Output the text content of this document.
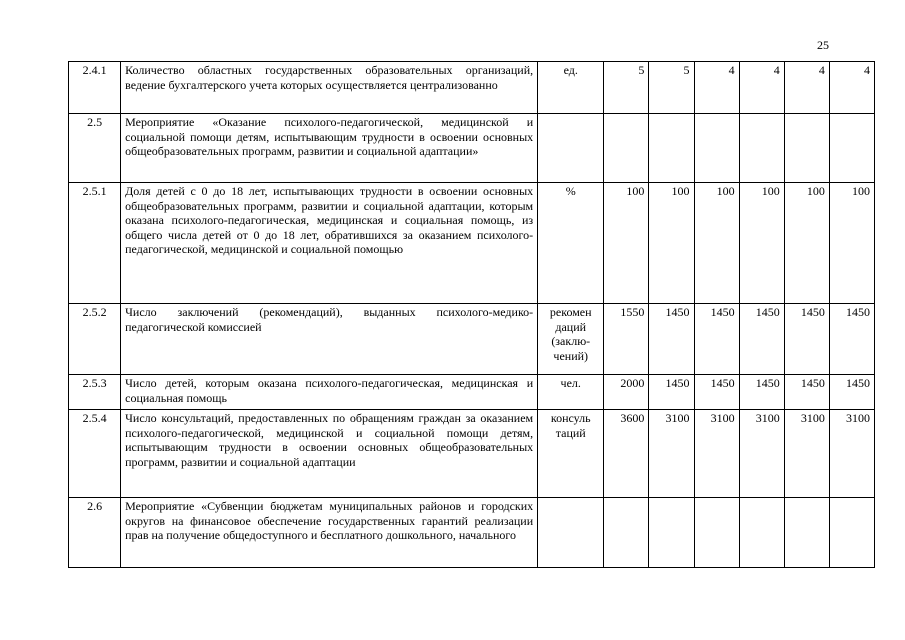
25
2.4.1	Количество областных государственных образовательных организаций, ведение бухгалтерского учета которых осуществляется централизованно	ед.	5	5	4	4	4	4
2.5	Мероприятие «Оказание психолого-педагогической, медицинской и социальной помощи детям, испытывающим трудности в освоении основных общеобразовательных программ, развитии и социальной адаптации»							
2.5.1	Доля детей с 0 до 18 лет, испытывающих трудности в освоении основных общеобразовательных программ, развитии и социальной адаптации, которым оказана психолого-педагогическая, медицинская и социальная помощь, из общего числа детей от 0 до 18 лет, обратившихся за оказанием психолого-педагогической, медицинской и социальной помощью	%	100	100	100	100	100	100
2.5.2	Число заключений (рекомендаций), выданных психолого-медико-педагогической комиссией	рекомен даций (заклю-чений)	1550	1450	1450	1450	1450	1450
2.5.3	Число детей, которым оказана психолого-педагогическая, медицинская и социальная помощь	чел.	2000	1450	1450	1450	1450	1450
2.5.4	Число консультаций, предоставленных по обращениям граждан за оказанием психолого-педагогической, медицинской и социальной помощи детям, испытывающим трудности в освоении основных общеобразовательных программ, развитии и социальной адаптации	консуль таций	3600	3100	3100	3100	3100	3100
2.6	Мероприятие «Субвенции бюджетам муниципальных районов и городских округов на финансовое обеспечение государственных гарантий реализации прав на получение общедоступного и бесплатного дошкольного, начального							
